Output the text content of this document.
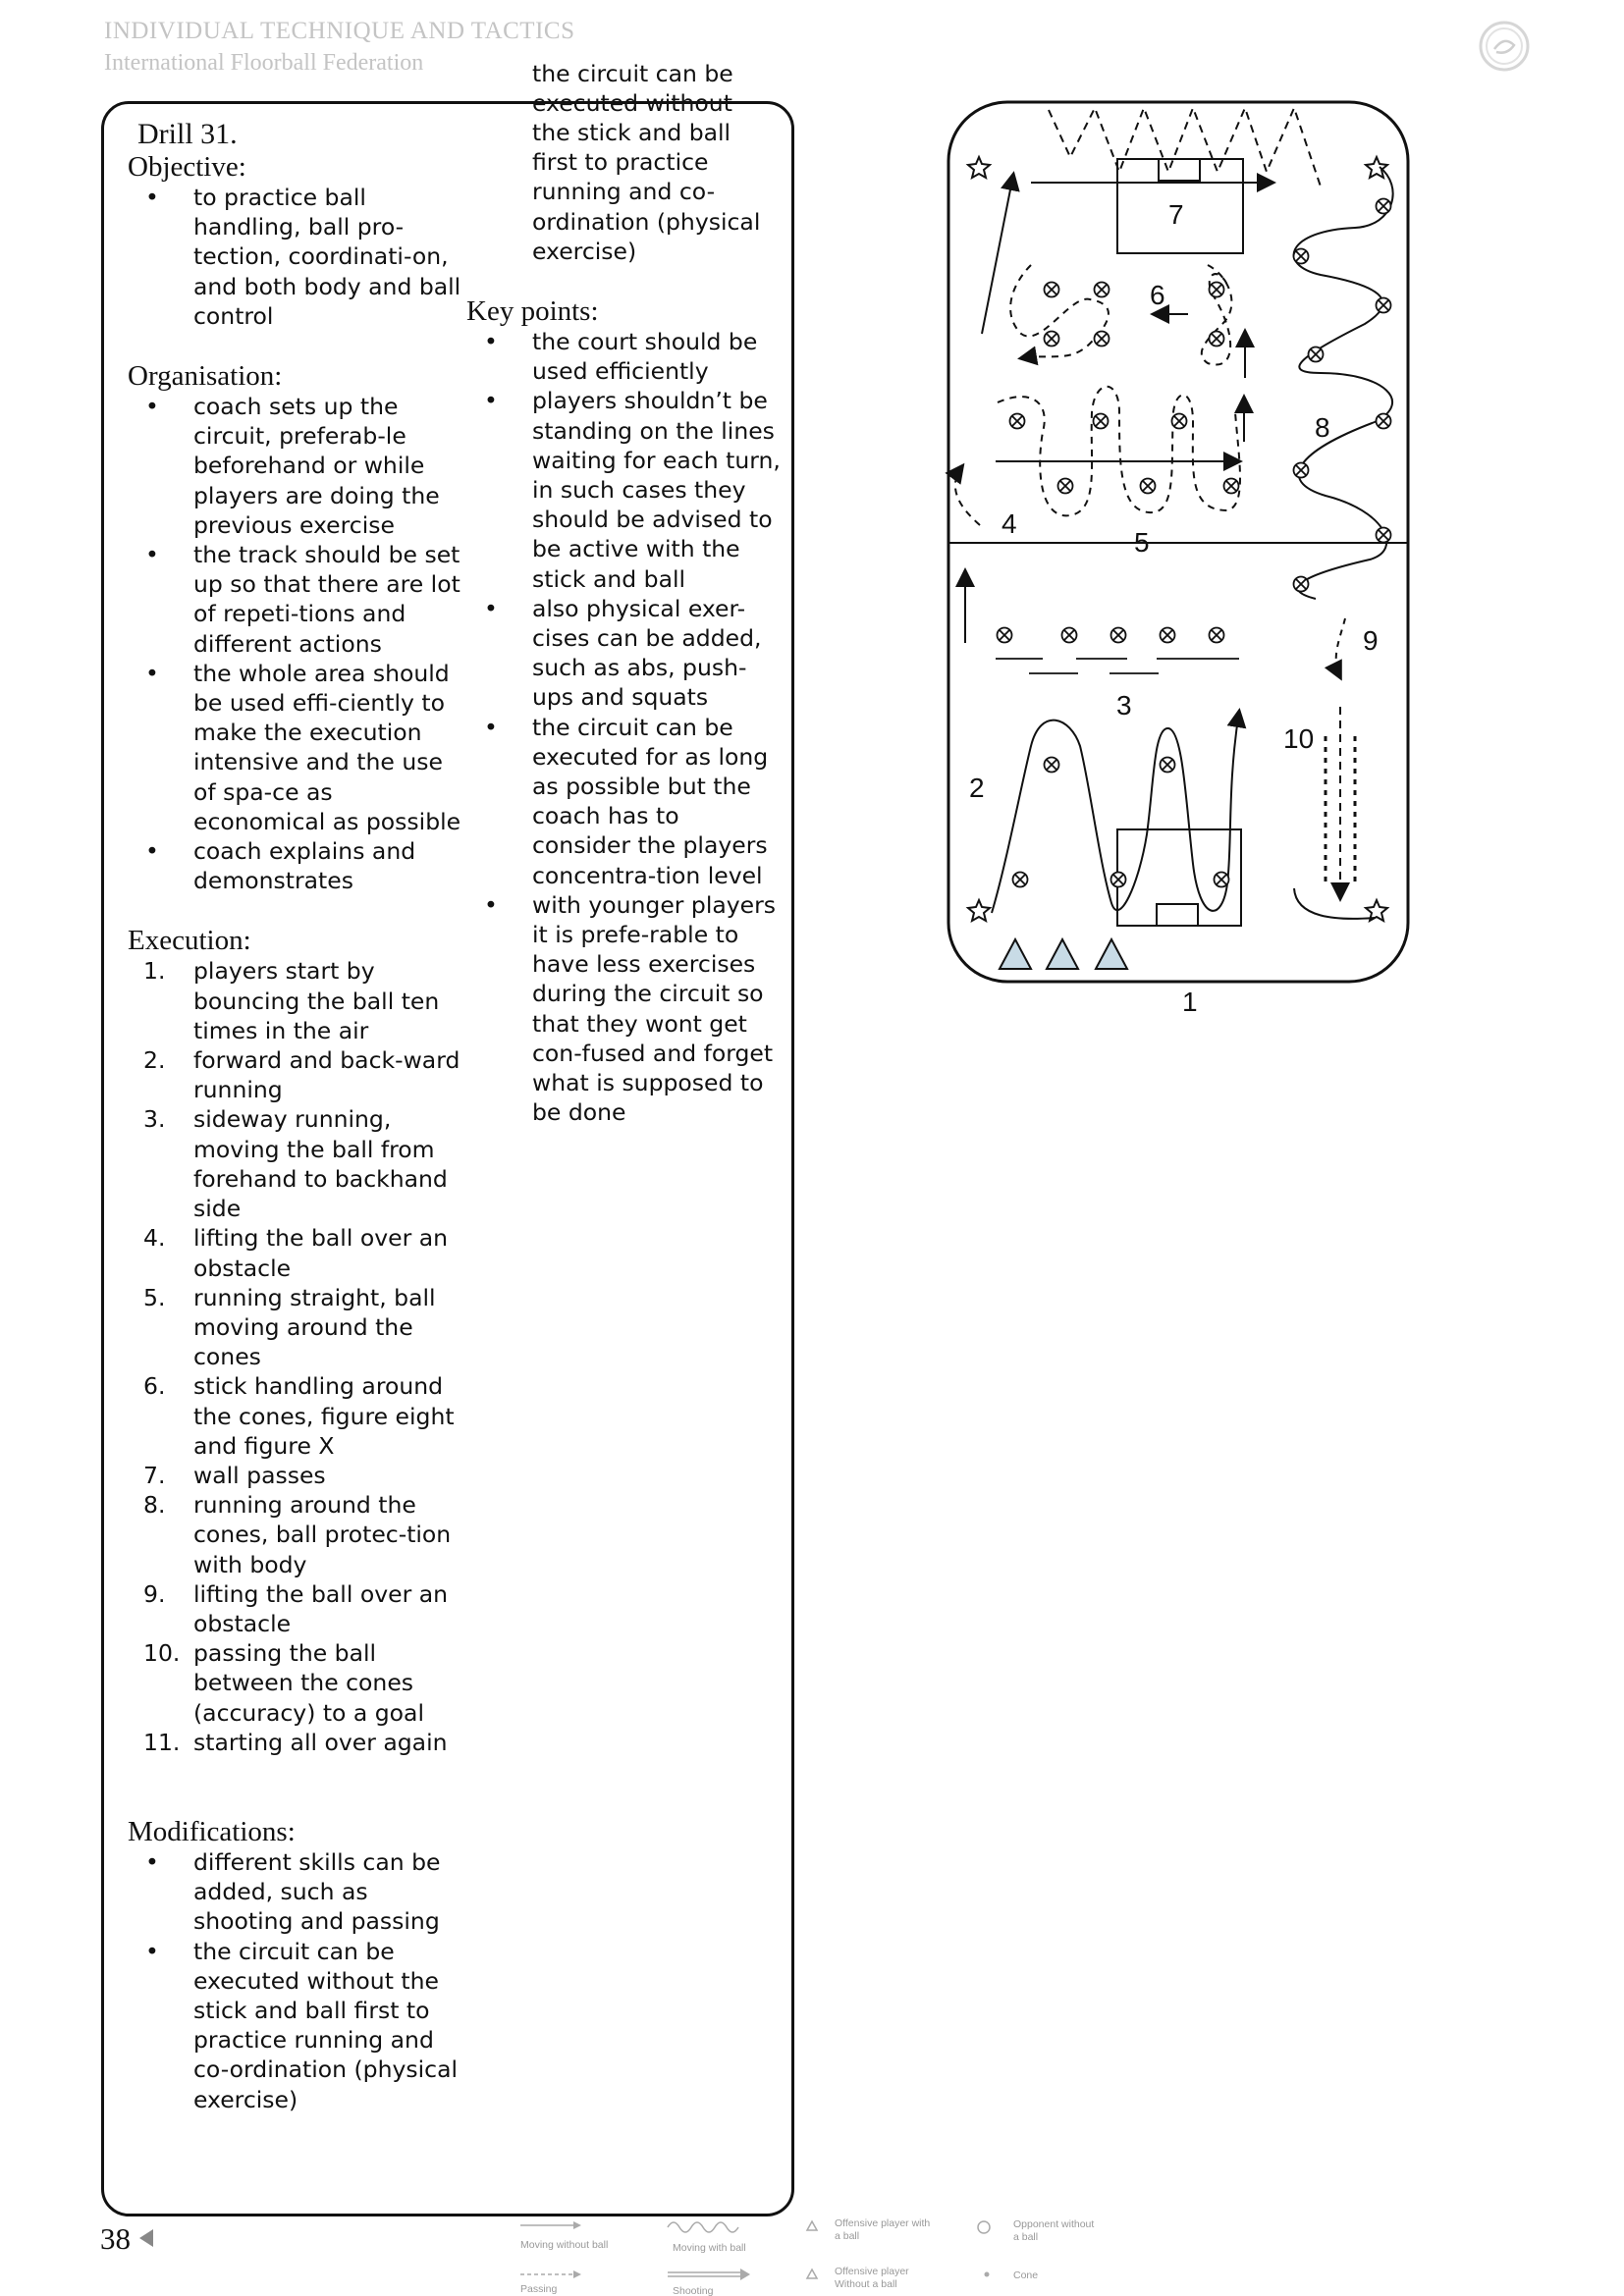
INDIVIDUAL TECHNIQUE AND TACTICS
International Floorball Federation
Drill 31.
Objective:
• to practice ball handling, ball pro-tection, coordinati-on, and both body and ball control
Organisation:
• coach sets up the circuit, preferab-le beforehand or while players are doing the previous exercise
• the track should be set up so that there are lot of repeti-tions and different actions
• the whole area should be used effi-ciently to make the execution intensive and the use of spa-ce as economical as possible
• coach explains and demonstrates
Execution:
1. players start by bouncing the ball ten times in the air
2. forward and back-ward running
3. sideway running, moving the ball from forehand to backhand side
4. lifting the ball over an obstacle
5. running straight, ball moving around the cones
6. stick handling around the cones, figure eight and figure X
7. wall passes
8. running around the cones, ball protec-tion with body
9. lifting the ball over an obstacle
10. passing the ball between the cones (accuracy) to a goal
11. starting all over again
Modifications:
• different skills can be added, such as shooting and passing
• the circuit can be executed without the stick and ball first to practice running and co-ordination (physical exercise)
the circuit can be executed without the stick and ball first to practice running and co-ordination (physical exercise)
Key points:
• the court should be used efficiently
• players shouldn’t be standing on the lines waiting for each turn, in such cases they should be advised to be active with the stick and ball
• also physical exer-cises can be added, such as abs, push-ups and squats
• the circuit can be executed for as long as possible but the coach has to consider the players concentra-tion level
• with younger players it is prefe-rable to have less exercises during the circuit so that they wont get con-fused and forget what is supposed to be done
1
2
3
4
5
6
7
8
9
10
38	Moving without ball	Moving with ball
Passing	Shooting
Offensive player with
a ball
Offensive player
Without a ball
Opponent without
a ball
Cone
